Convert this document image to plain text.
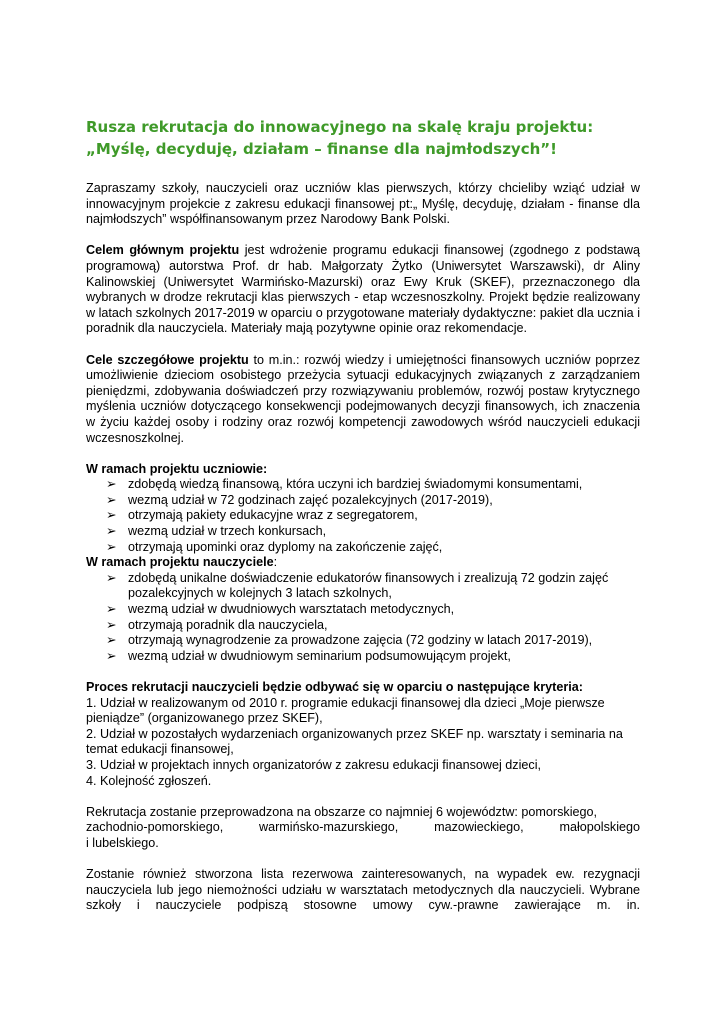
Rusza rekrutacja do innowacyjnego na skalę kraju projektu:
„Myślę, decyduję, działam – finanse dla najmłodszych”!

Zapraszamy szkoły, nauczycieli oraz uczniów klas pierwszych, którzy chcieliby wziąć udział w innowacyjnym projekcie z zakresu edukacji finansowej pt:„ Myślę, decyduję, działam - finanse dla najmłodszych” współfinansowanym przez Narodowy Bank Polski.

Celem głównym projektu jest wdrożenie programu edukacji finansowej (zgodnego z podstawą programową) autorstwa Prof. dr hab. Małgorzaty Żytko (Uniwersytet Warszawski), dr Aliny Kalinowskiej (Uniwersytet Warmińsko-Mazurski) oraz Ewy Kruk (SKEF), przeznaczonego dla wybranych w drodze rekrutacji klas pierwszych - etap wczesnoszkolny. Projekt będzie realizowany w latach szkolnych 2017-2019 w oparciu o przygotowane materiały dydaktyczne: pakiet dla ucznia i poradnik dla nauczyciela. Materiały mają pozytywne opinie oraz rekomendacje.

Cele szczegółowe projektu to m.in.: rozwój wiedzy i umiejętności finansowych uczniów poprzez umożliwienie dzieciom osobistego przeżycia sytuacji edukacyjnych związanych z zarządzaniem pieniędzmi, zdobywania doświadczeń przy rozwiązywaniu problemów, rozwój postaw krytycznego myślenia uczniów dotyczącego konsekwencji podejmowanych decyzji finansowych, ich znaczenia w życiu każdej osoby i rodziny oraz rozwój kompetencji zawodowych wśród nauczycieli edukacji wczesnoszkolnej.

W ramach projektu uczniowie:
➢ zdobędą wiedzą finansową, która uczyni ich bardziej świadomymi konsumentami,
➢ wezmą udział w 72 godzinach zajęć pozalekcyjnych (2017-2019),
➢ otrzymają pakiety edukacyjne wraz z segregatorem,
➢ wezmą udział w trzech konkursach,
➢ otrzymają upominki oraz dyplomy na zakończenie zajęć,
W ramach projektu nauczyciele:
➢ zdobędą unikalne doświadczenie edukatorów finansowych i zrealizują 72 godzin zajęć pozalekcyjnych w kolejnych 3 latach szkolnych,
➢ wezmą udział w dwudniowych warsztatach metodycznych,
➢ otrzymają poradnik dla nauczyciela,
➢ otrzymają wynagrodzenie za prowadzone zajęcia (72 godziny w latach 2017-2019),
➢ wezmą udział w dwudniowym seminarium podsumowującym projekt,
Proces rekrutacji nauczycieli będzie odbywać się w oparciu o następujące kryteria:

1. Udział w realizowanym od 2010 r. programie edukacji finansowej dla dzieci „Moje pierwsze pieniądze” (organizowanego przez SKEF),

2. Udział w pozostałych wydarzeniach organizowanych przez SKEF np. warsztaty i seminaria na temat edukacji finansowej,

3. Udział w projektach innych organizatorów z zakresu edukacji finansowej dzieci,

4. Kolejność zgłoszeń.

Rekrutacja zostanie przeprowadzona na obszarze co najmniej 6 województw: pomorskiego,

zachodnio-pomorskiego, warmińsko-mazurskiego, mazowieckiego, małopolskiego

i lubelskiego.

Zostanie również stworzona lista rezerwowa zainteresowanych, na wypadek ew. rezygnacji nauczyciela lub jego niemożności udziału w warsztatach metodycznych dla nauczycieli. Wybrane szkoły i nauczyciele podpiszą stosowne umowy cyw.-prawne zawierające m. in.
